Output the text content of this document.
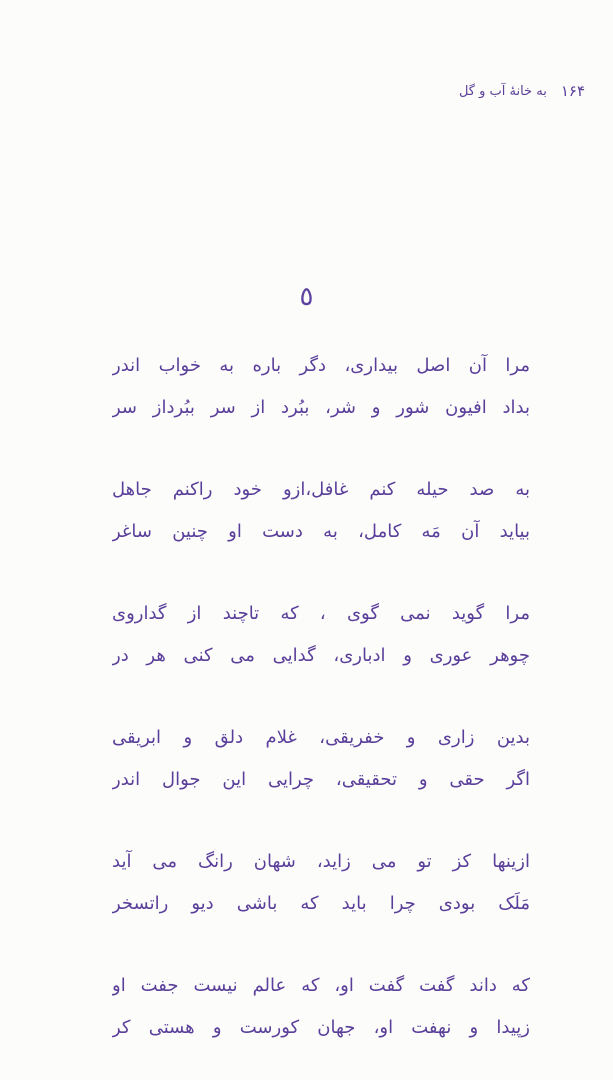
۱۶۴
به خانهٔ آب و گل
٥
مرا آن اصل بیداری، دگر باره به خواب اندر
بداد افیون شور و شر، ببُرد از سر ببُرداز سر
به صد حیله کنم غافل،ازو خود راکنم جاهل
بیاید آن مَه کامل، به دست او چنین ساغر
مرا گوید نمی گوی ، که تاچند از گداروی
چوهر عوری و ادباری، گدایی می کنی هر در
بدین زاری و خفریقی، غلام دلق و ابریقی
اگر حقی و تحقیقی، چرایی این جوال اندر
ازینها کز تو می زاید، شهان رانگ می آید
مَلَک بودی چرا باید که باشی دیو راتسخر
که داند گفت گفت او، که عالم نیست جفت او
زپیدا و نهفت او، جهان کورست و هستی کر
